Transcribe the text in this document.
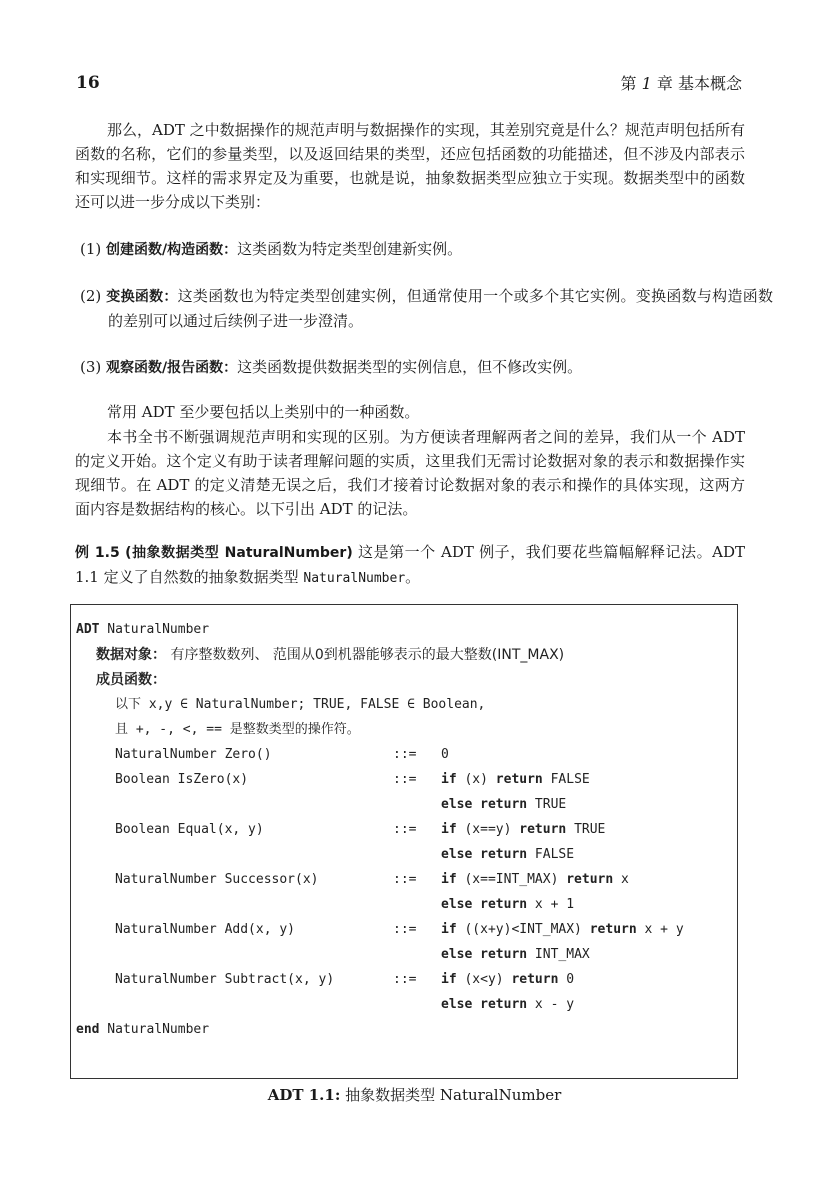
16	第 1 章 基本概念

那么，ADT 之中数据操作的规范声明与数据操作的实现，其差别究竟是什么？规范声明包括所有函数的名称，它们的参量类型，以及返回结果的类型，还应包括函数的功能描述，但不涉及内部表示和实现细节。这样的需求界定及为重要，也就是说，抽象数据类型应独立于实现。数据类型中的函数还可以进一步分成以下类别：

(1) 创建函数/构造函数：这类函数为特定类型创建新实例。

(2) 变换函数：这类函数也为特定类型创建实例，但通常使用一个或多个其它实例。变换函数与构造函数的差别可以通过后续例子进一步澄清。

(3) 观察函数/报告函数：这类函数提供数据类型的实例信息，但不修改实例。

常用 ADT 至少要包括以上类别中的一种函数。

本书全书不断强调规范声明和实现的区别。为方便读者理解两者之间的差异，我们从一个 ADT 的定义开始。这个定义有助于读者理解问题的实质，这里我们无需讨论数据对象的表示和数据操作实现细节。在 ADT 的定义清楚无误之后，我们才接着讨论数据对象的表示和操作的具体实现，这两方面内容是数据结构的核心。以下引出 ADT 的记法。

例 1.5 (抽象数据类型 NaturalNumber) 这是第一个 ADT 例子，我们要花些篇幅解释记法。ADT 1.1 定义了自然数的抽象数据类型 NaturalNumber。

ADT NaturalNumber
数据对象： 有序整数数列、 范围从0到机器能够表示的最大整数(INT_MAX)
成员函数：
以下 x,y ∈ NaturalNumber; TRUE, FALSE ∈ Boolean,
且 +, -, <, == 是整数类型的操作符。
NaturalNumber Zero()	::= 0
Boolean IsZero(x)	::= if (x) return FALSE
else return TRUE
Boolean Equal(x, y)	::= if (x==y) return TRUE
else return FALSE
NaturalNumber Successor(x)	::= if (x==INT_MAX) return x
else return x + 1
NaturalNumber Add(x, y)	::= if ((x+y)<INT_MAX) return x + y
else return INT_MAX
NaturalNumber Subtract(x, y)	::= if (x<y) return 0
else return x - y
end NaturalNumber
ADT 1.1: 抽象数据类型 NaturalNumber
